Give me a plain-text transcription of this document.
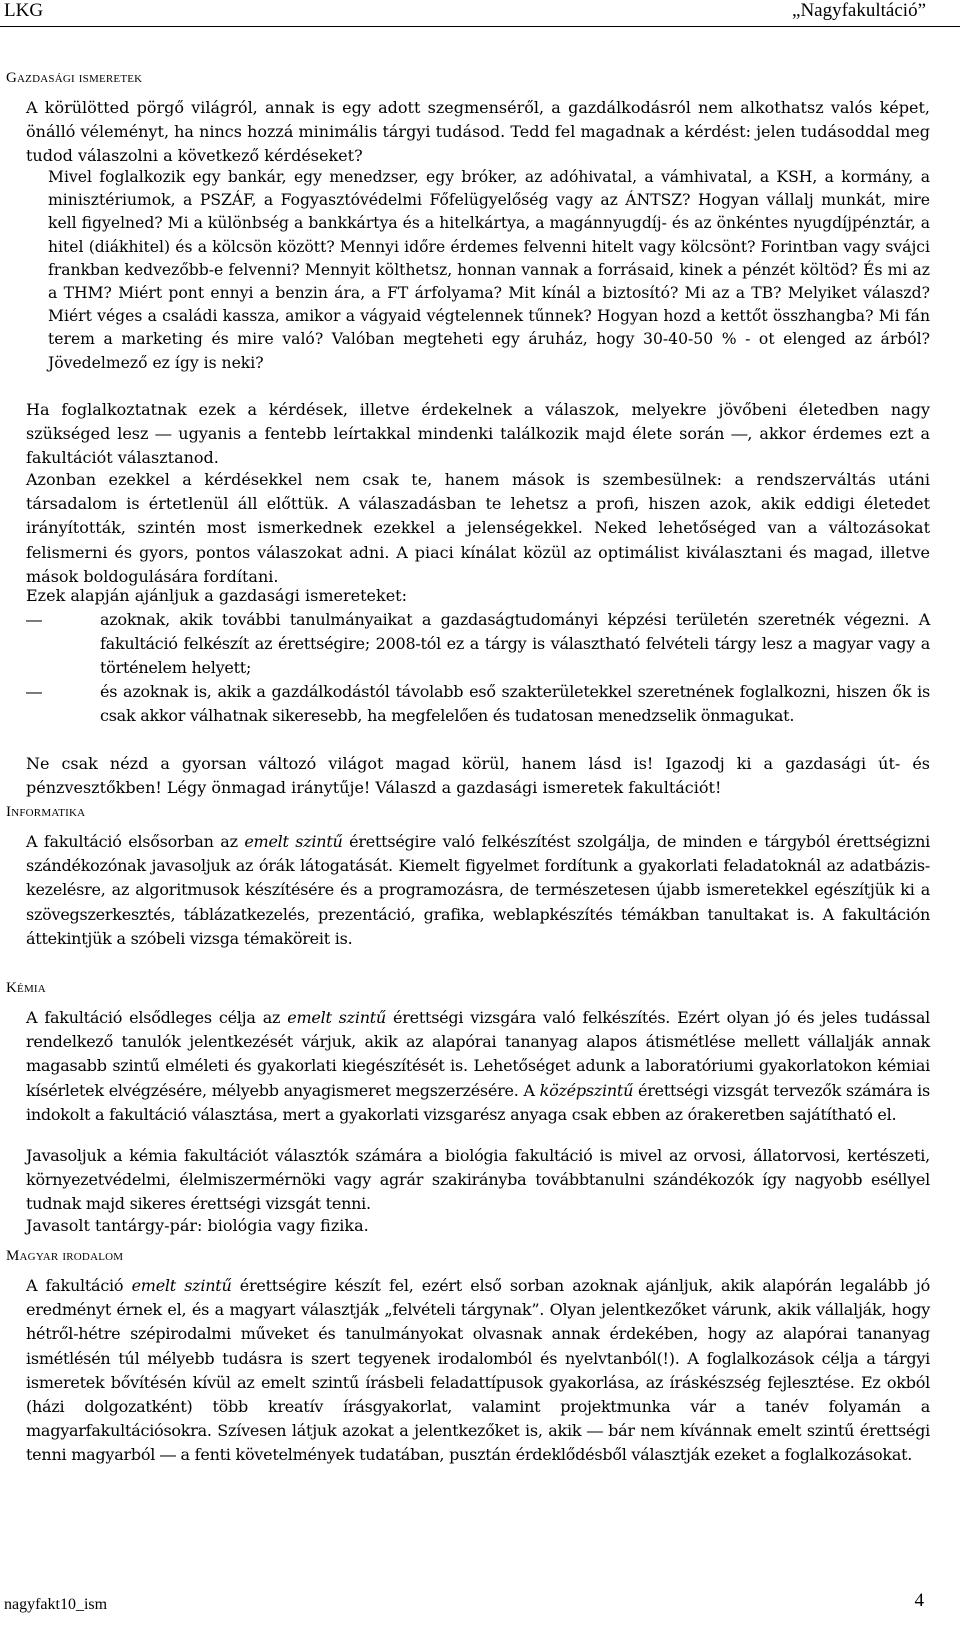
LKG	„Nagyfakultáció”
Gazdasági ismeretek

A körülötted pörgő világról, annak is egy adott szegmenséről, a gazdálkodásról nem alkothatsz valós képet, önálló véleményt, ha nincs hozzá minimális tárgyi tudásod. Tedd fel magadnak a kérdést: jelen tudásoddal meg tudod válaszolni a következő kérdéseket?

Mivel foglalkozik egy bankár, egy menedzser, egy bróker, az adóhivatal, a vámhivatal, a KSH, a kormány, a minisztériumok, a PSZÁF, a Fogyasztóvédelmi Főfelügyelőség vagy az ÁNTSZ? Hogyan vállalj munkát, mire kell figyelned? Mi a különbség a bankkártya és a hitelkártya, a magánnyugdíj- és az önkéntes nyugdíjpénztár, a hitel (diákhitel) és a kölcsön között? Mennyi időre érdemes felvenni hitelt vagy kölcsönt? Forintban vagy svájci frankban kedvezőbb-e felvenni? Mennyit költhetsz, honnan vannak a forrásaid, kinek a pénzét költöd? És mi az a THM? Miért pont ennyi a benzin ára, a FT árfolyama? Mit kínál a biztosító? Mi az a TB? Melyiket válaszd? Miért véges a családi kassza, amikor a vágyaid végtelennek tűnnek? Hogyan hozd a kettőt összhangba? Mi fán terem a marketing és mire való? Valóban megteheti egy áruház, hogy 30-40-50 % - ot elenged az árból? Jövedelmező ez így is neki?

Ha foglalkoztatnak ezek a kérdések, illetve érdekelnek a válaszok, melyekre jövőbeni életedben nagy szükséged lesz ― ugyanis a fentebb leírtakkal mindenki találkozik majd élete során ―, akkor érdemes ezt a fakultációt választanod.

Azonban ezekkel a kérdésekkel nem csak te, hanem mások is szembesülnek: a rendszerváltás utáni társadalom is értetlenül áll előttük. A válaszadásban te lehetsz a profi, hiszen azok, akik eddigi életedet irányították, szintén most ismerkednek ezekkel a jelenségekkel. Neked lehetőséged van a változásokat felismerni és gyors, pontos válaszokat adni. A piaci kínálat közül az optimálist kiválasztani és magad, illetve mások boldogulására fordítani.

Ezek alapján ajánljuk a gazdasági ismereteket:

―	azoknak, akik további tanulmányaikat a gazdaságtudományi képzési területén szeretnék végezni. A fakultáció felkészít az érettségire; 2008-tól ez a tárgy is választható felvételi tárgy lesz a magyar vagy a történelem helyett;
―	és azoknak is, akik a gazdálkodástól távolabb eső szakterületekkel szeretnének foglalkozni, hiszen ők is csak akkor válhatnak sikeresebb, ha megfelelően és tudatosan menedzselik önmagukat.

Ne csak nézd a gyorsan változó világot magad körül, hanem lásd is! Igazodj ki a gazdasági út- és pénzvesztőkben! Légy önmagad iránytűje! Válaszd a gazdasági ismeretek fakultációt!

Informatika

A fakultáció elsősorban az emelt szintű érettségire való felkészítést szolgálja, de minden e tárgyból érettségizni szándékozónak javasoljuk az órák látogatását. Kiemelt figyelmet fordítunk a gyakorlati feladatoknál az adatbázis-kezelésre, az algoritmusok készítésére és a programozásra, de természetesen újabb ismeretekkel egészítjük ki a szövegszerkesztés, táblázatkezelés, prezentáció, grafika, weblapkészítés témákban tanultakat is. A fakultáción áttekintjük a szóbeli vizsga témaköreit is.

Kémia

A fakultáció elsődleges célja az emelt szintű érettségi vizsgára való felkészítés. Ezért olyan jó és jeles tudással rendelkező tanulók jelentkezését várjuk, akik az alapórai tananyag alapos átismétlése mellett vállalják annak magasabb szintű elméleti és gyakorlati kiegészítését is. Lehetőséget adunk a laboratóriumi gyakorlatokon kémiai kísérletek elvégzésére, mélyebb anyagismeret megszerzésére. A középszintű érettségi vizsgát tervezők számára is indokolt a fakultáció választása, mert a gyakorlati vizsgarész anyaga csak ebben az órakeretben sajátítható el.

Javasoljuk a kémia fakultációt választók számára a biológia fakultáció is mivel az orvosi, állatorvosi, kertészeti, környezetvédelmi, élelmiszermérnöki vagy agrár szakirányba továbbtanulni szándékozók így nagyobb eséllyel tudnak majd sikeres érettségi vizsgát tenni.

Javasolt tantárgy-pár: biológia vagy fizika.

Magyar irodalom

A fakultáció emelt szintű érettségire készít fel, ezért első sorban azoknak ajánljuk, akik alapórán legalább jó eredményt érnek el, és a magyart választják „felvételi tárgynak”. Olyan jelentkezőket várunk, akik vállalják, hogy hétről-hétre szépirodalmi műveket és tanulmányokat olvasnak annak érdekében, hogy az alapórai tananyag ismétlésén túl mélyebb tudásra is szert tegyenek irodalomból és nyelvtanból(!). A foglalkozások célja a tárgyi ismeretek bővítésén kívül az emelt szintű írásbeli feladattípusok gyakorlása, az íráskészség fejlesztése. Ez okból (házi dolgozatként) több kreatív írásgyakorlat, valamint projektmunka vár a tanév folyamán a magyarfakultációsokra. Szívesen látjuk azokat a jelentkezőket is, akik ― bár nem kívánnak emelt szintű érettségi tenni magyarból ― a fenti követelmények tudatában, pusztán érdeklődésből választják ezeket a foglalkozásokat.

nagyfakt10_ism	4
